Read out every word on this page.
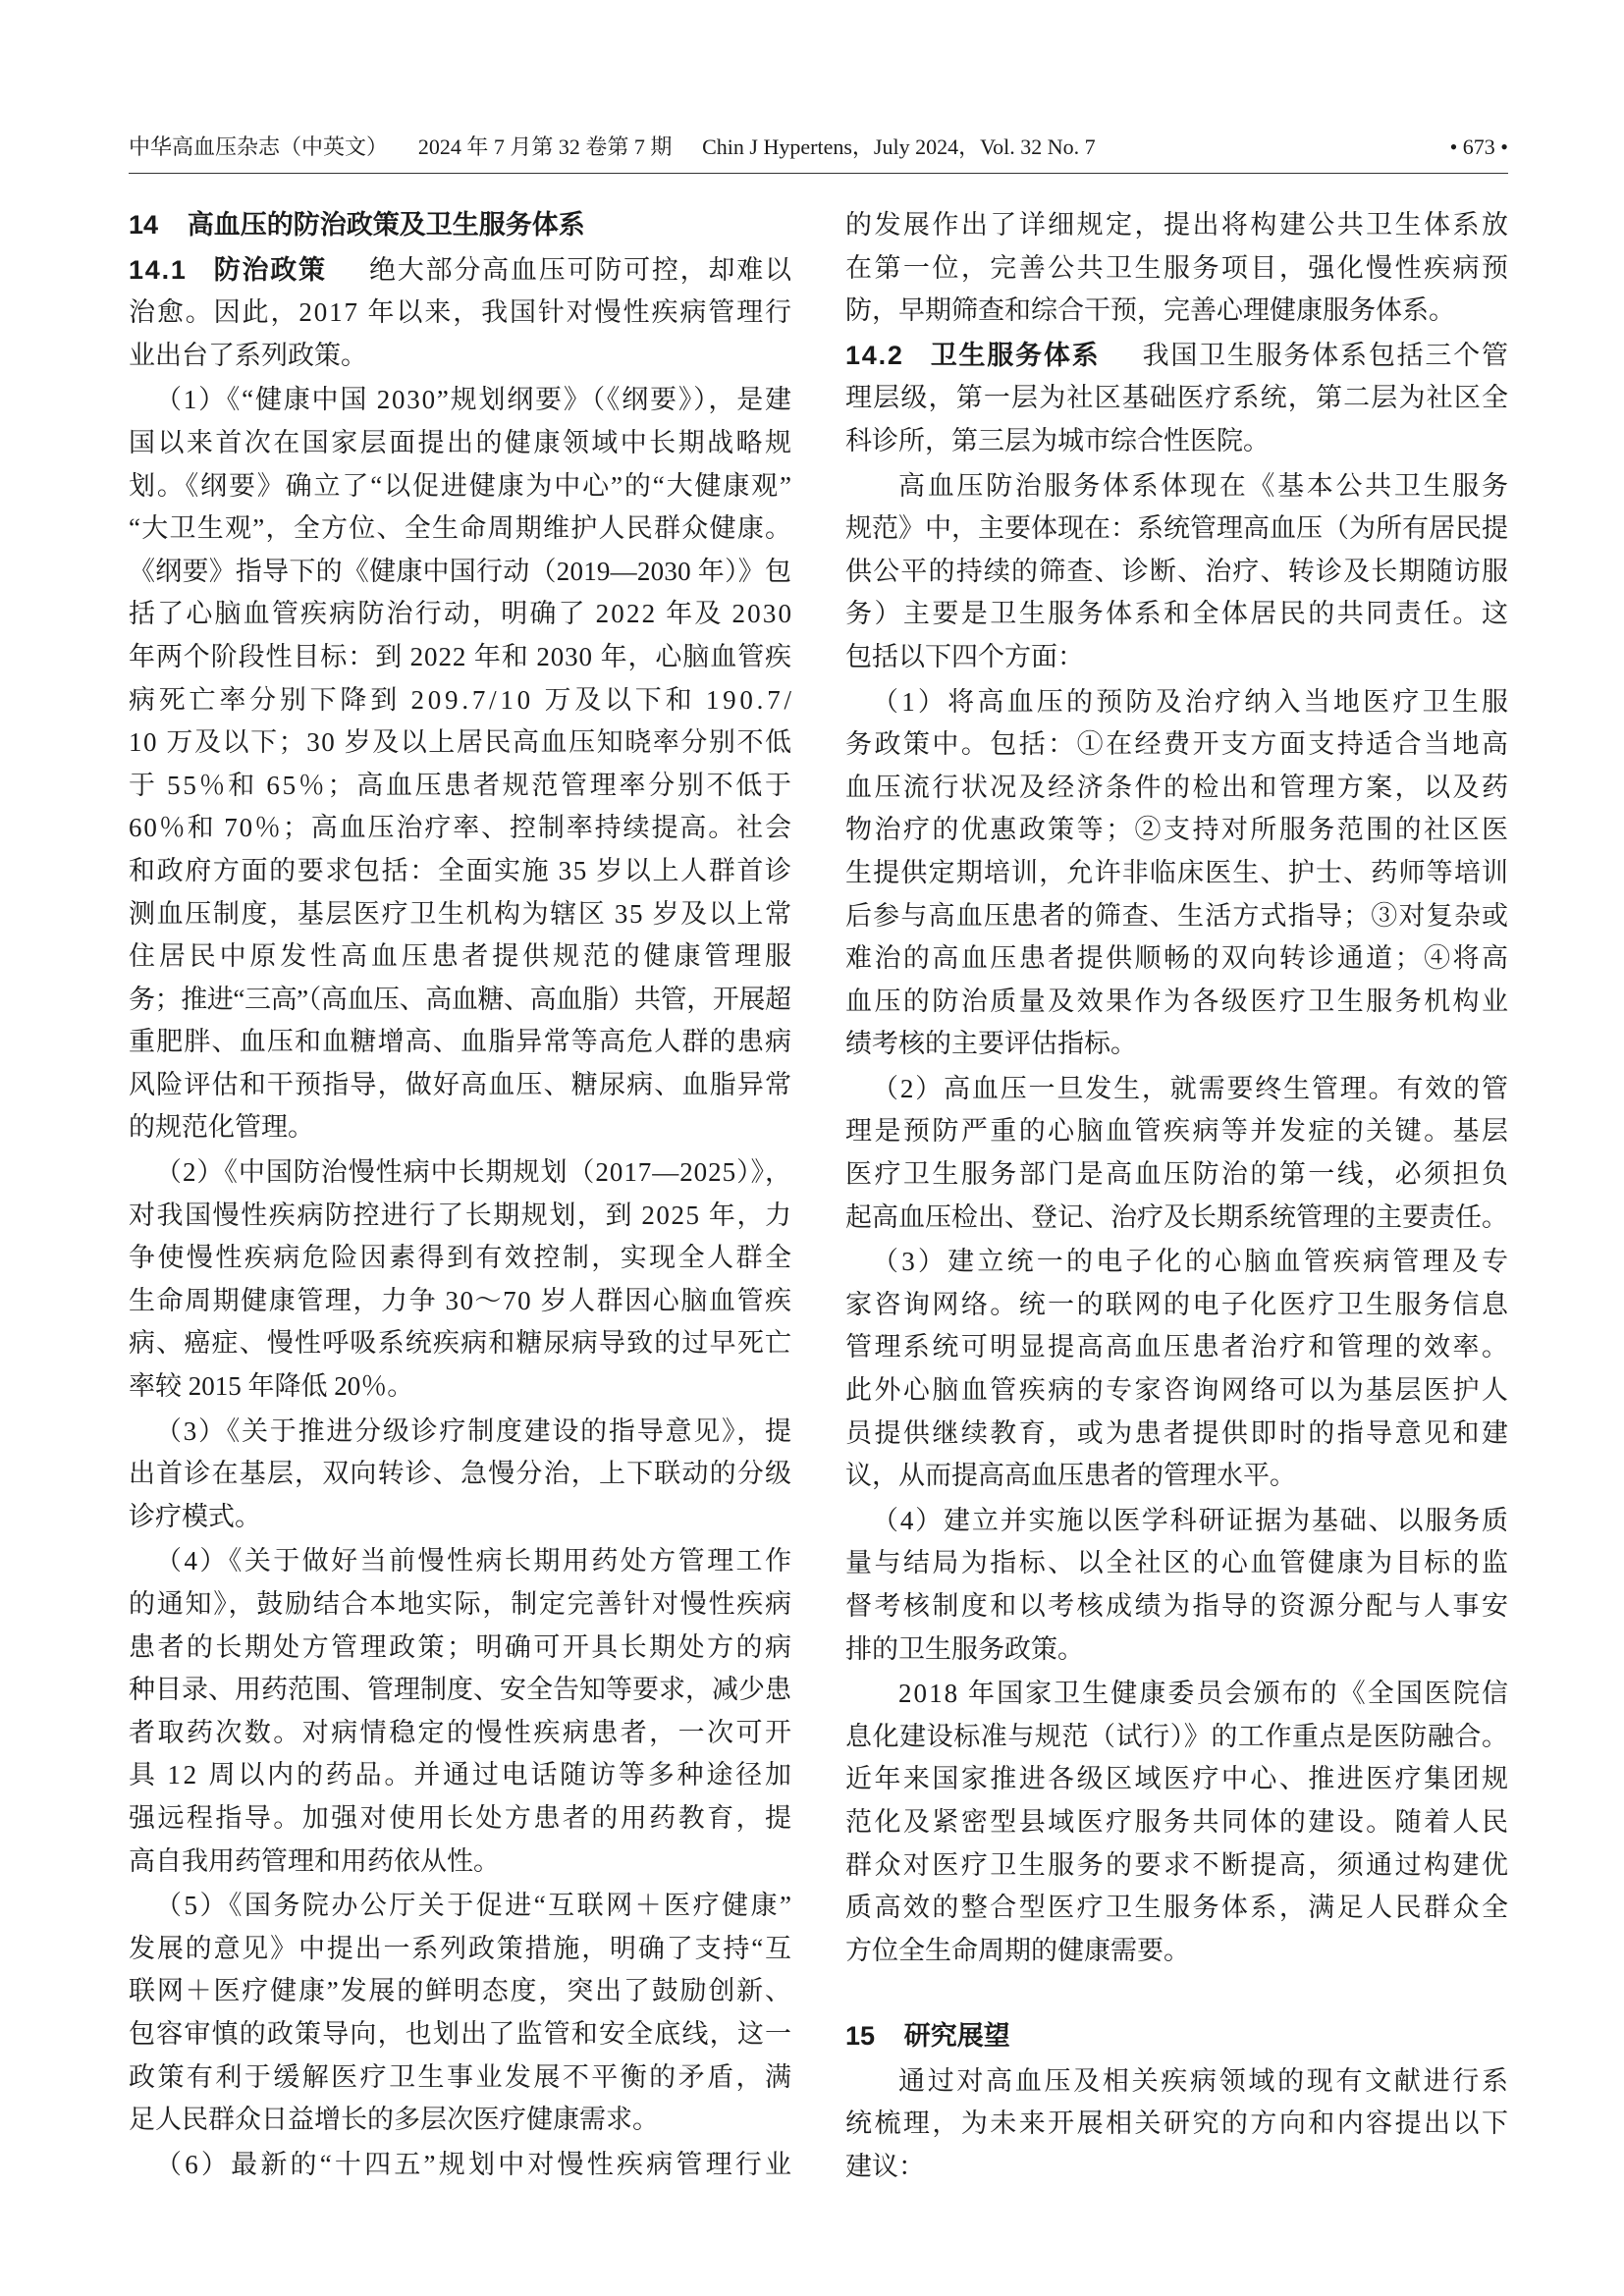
中华高血压杂志（中英文） 2024 年 7 月第 32 卷第 7 期 Chin J Hypertens，July 2024，Vol. 32 No. 7	• 673 •
14 高血压的防治政策及卫生服务体系
14.1 防治政策 绝大部分高血压可防可控，却难以
治愈。因此，2017 年以来，我国针对慢性疾病管理行
业出台了系列政策。
（1）《“健康中国 2030”规划纲要》（《纲要》），是建
国以来首次在国家层面提出的健康领域中长期战略规
划。《纲要》确立了“以促进健康为中心”的“大健康观”
“大卫生观”，全方位、全生命周期维护人民群众健康。
《纲要》指导下的《健康中国行动（2019—2030 年）》包
括了心脑血管疾病防治行动，明确了 2022 年及 2030
年两个阶段性目标：到 2022 年和 2030 年，心脑血管疾
病死亡率分别下降到 209.7/10 万及以下和 190.7/
10 万及以下；30 岁及以上居民高血压知晓率分别不低
于 55％和 65％；高血压患者规范管理率分别不低于
60％和 70％；高血压治疗率、控制率持续提高。社会
和政府方面的要求包括：全面实施 35 岁以上人群首诊
测血压制度，基层医疗卫生机构为辖区 35 岁及以上常
住居民中原发性高血压患者提供规范的健康管理服
务；推进“三高”（高血压、高血糖、高血脂）共管，开展超
重肥胖、血压和血糖增高、血脂异常等高危人群的患病
风险评估和干预指导，做好高血压、糖尿病、血脂异常
的规范化管理。
（2）《中国防治慢性病中长期规划（2017—2025）》，
对我国慢性疾病防控进行了长期规划，到 2025 年，力
争使慢性疾病危险因素得到有效控制，实现全人群全
生命周期健康管理，力争 30～70 岁人群因心脑血管疾
病、癌症、慢性呼吸系统疾病和糖尿病导致的过早死亡
率较 2015 年降低 20％。
（3）《关于推进分级诊疗制度建设的指导意见》，提
出首诊在基层，双向转诊、急慢分治，上下联动的分级
诊疗模式。
（4）《关于做好当前慢性病长期用药处方管理工作
的通知》，鼓励结合本地实际，制定完善针对慢性疾病
患者的长期处方管理政策；明确可开具长期处方的病
种目录、用药范围、管理制度、安全告知等要求，减少患
者取药次数。对病情稳定的慢性疾病患者，一次可开
具 12 周以内的药品。并通过电话随访等多种途径加
强远程指导。加强对使用长处方患者的用药教育，提
高自我用药管理和用药依从性。
（5）《国务院办公厅关于促进“互联网＋医疗健康”
发展的意见》中提出一系列政策措施，明确了支持“互
联网＋医疗健康”发展的鲜明态度，突出了鼓励创新、
包容审慎的政策导向，也划出了监管和安全底线，这一
政策有利于缓解医疗卫生事业发展不平衡的矛盾，满
足人民群众日益增长的多层次医疗健康需求。
（6）最新的“十四五”规划中对慢性疾病管理行业
的发展作出了详细规定，提出将构建公共卫生体系放
在第一位，完善公共卫生服务项目，强化慢性疾病预
防，早期筛查和综合干预，完善心理健康服务体系。
14.2 卫生服务体系 我国卫生服务体系包括三个管
理层级，第一层为社区基础医疗系统，第二层为社区全
科诊所，第三层为城市综合性医院。
高血压防治服务体系体现在《基本公共卫生服务
规范》中，主要体现在：系统管理高血压（为所有居民提
供公平的持续的筛查、诊断、治疗、转诊及长期随访服
务）主要是卫生服务体系和全体居民的共同责任。这
包括以下四个方面：
（1）将高血压的预防及治疗纳入当地医疗卫生服
务政策中。包括：①在经费开支方面支持适合当地高
血压流行状况及经济条件的检出和管理方案，以及药
物治疗的优惠政策等；②支持对所服务范围的社区医
生提供定期培训，允许非临床医生、护士、药师等培训
后参与高血压患者的筛查、生活方式指导；③对复杂或
难治的高血压患者提供顺畅的双向转诊通道；④将高
血压的防治质量及效果作为各级医疗卫生服务机构业
绩考核的主要评估指标。
（2）高血压一旦发生，就需要终生管理。有效的管
理是预防严重的心脑血管疾病等并发症的关键。基层
医疗卫生服务部门是高血压防治的第一线，必须担负
起高血压检出、登记、治疗及长期系统管理的主要责任。
（3）建立统一的电子化的心脑血管疾病管理及专
家咨询网络。统一的联网的电子化医疗卫生服务信息
管理系统可明显提高高血压患者治疗和管理的效率。
此外心脑血管疾病的专家咨询网络可以为基层医护人
员提供继续教育，或为患者提供即时的指导意见和建
议，从而提高高血压患者的管理水平。
（4）建立并实施以医学科研证据为基础、以服务质
量与结局为指标、以全社区的心血管健康为目标的监
督考核制度和以考核成绩为指导的资源分配与人事安
排的卫生服务政策。
2018 年国家卫生健康委员会颁布的《全国医院信
息化建设标准与规范（试行）》的工作重点是医防融合。
近年来国家推进各级区域医疗中心、推进医疗集团规
范化及紧密型县域医疗服务共同体的建设。随着人民
群众对医疗卫生服务的要求不断提高，须通过构建优
质高效的整合型医疗卫生服务体系，满足人民群众全
方位全生命周期的健康需要。
15 研究展望
通过对高血压及相关疾病领域的现有文献进行系
统梳理，为未来开展相关研究的方向和内容提出以下
建议：
